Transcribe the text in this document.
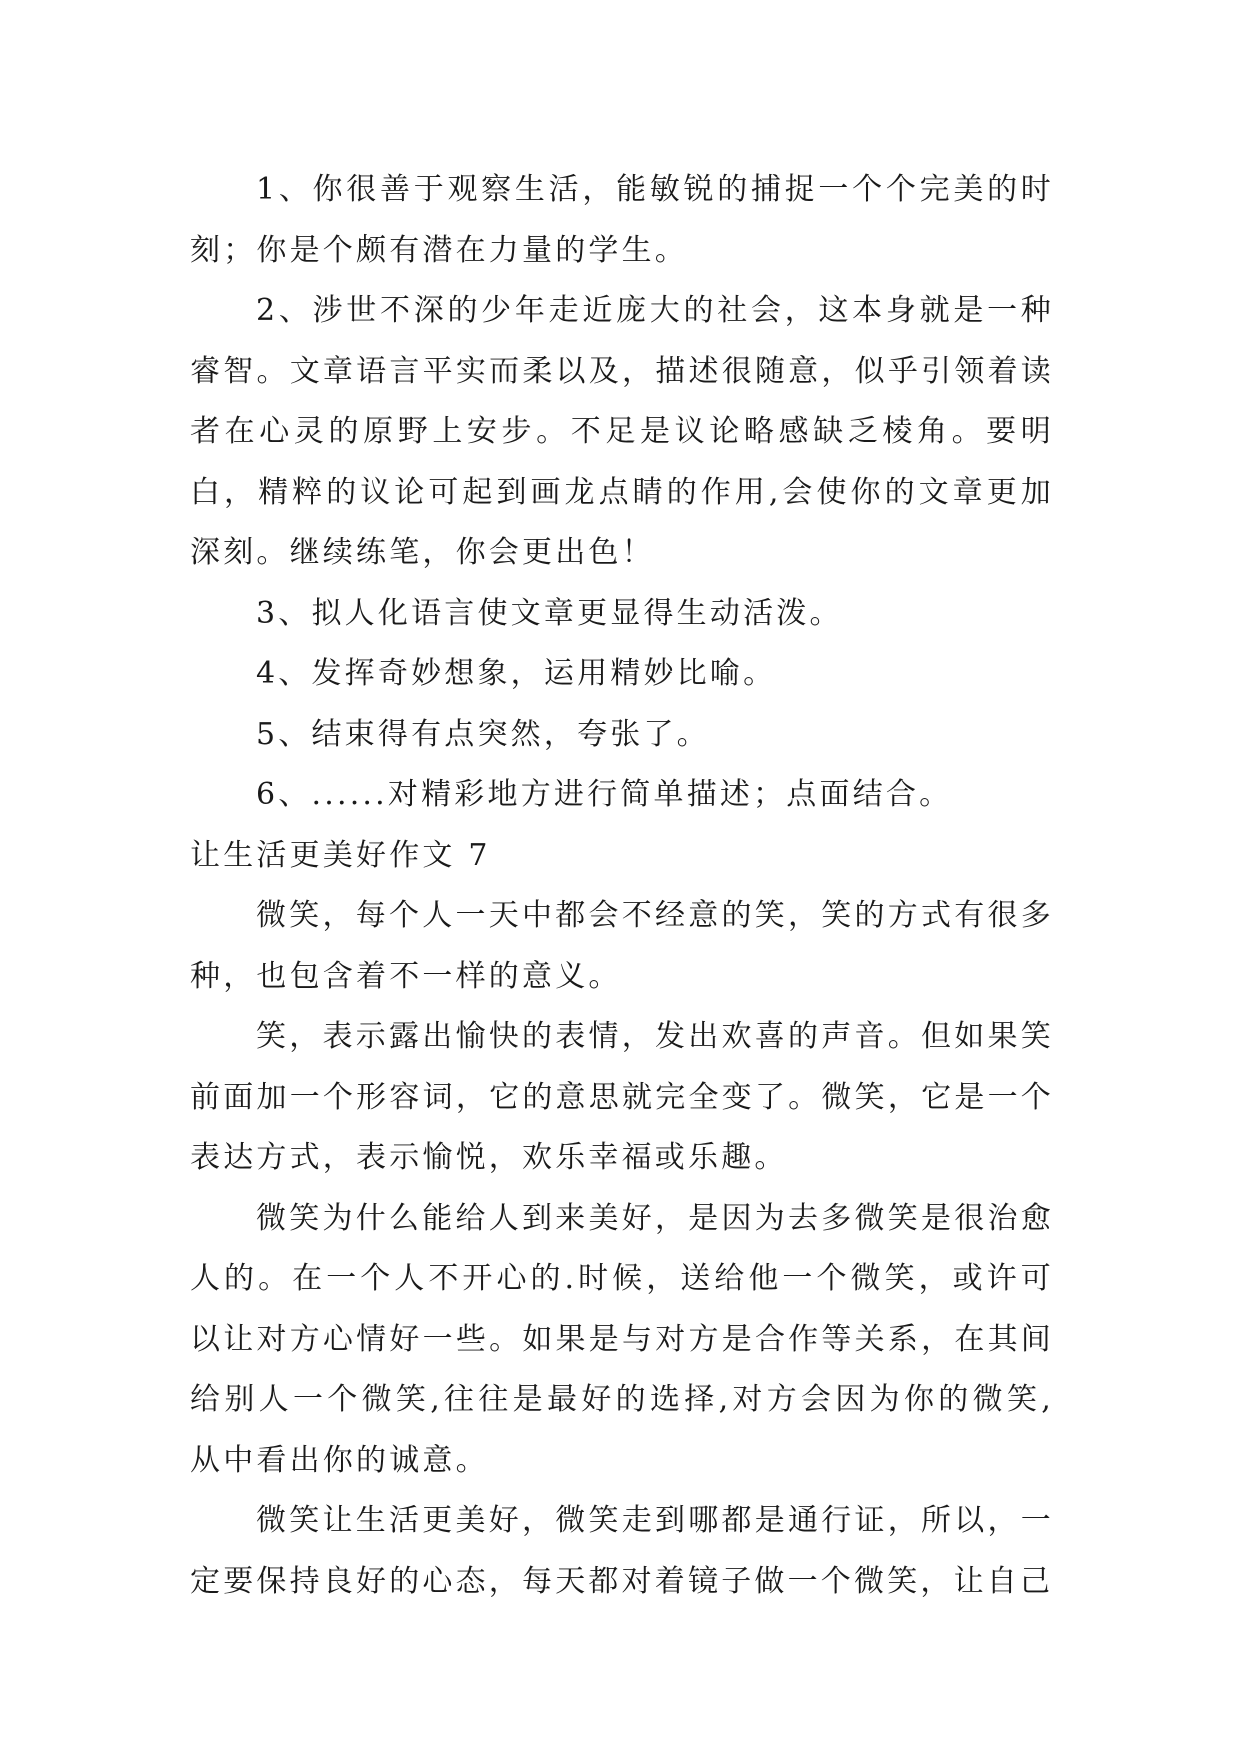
1、你很善于观察生活，能敏锐的捕捉一个个完美的时刻；你是个颇有潜在力量的学生。

2、涉世不深的少年走近庞大的社会，这本身就是一种睿智。文章语言平实而柔以及，描述很随意，似乎引领着读者在心灵的原野上安步。不足是议论略感缺乏棱角。要明白，精粹的议论可起到画龙点睛的作用,会使你的文章更加深刻。继续练笔，你会更出色！

3、拟人化语言使文章更显得生动活泼。

4、发挥奇妙想象，运用精妙比喻。

5、结束得有点突然，夸张了。

6、......对精彩地方进行简单描述；点面结合。

让生活更美好作文 7

微笑，每个人一天中都会不经意的笑，笑的方式有很多种，也包含着不一样的意义。

笑，表示露出愉快的表情，发出欢喜的声音。但如果笑前面加一个形容词，它的意思就完全变了。微笑，它是一个表达方式，表示愉悦，欢乐幸福或乐趣。

微笑为什么能给人到来美好，是因为去多微笑是很治愈人的。在一个人不开心的.时候，送给他一个微笑，或许可以让对方心情好一些。如果是与对方是合作等关系，在其间给别人一个微笑,往往是最好的选择,对方会因为你的微笑,从中看出你的诚意。

微笑让生活更美好，微笑走到哪都是通行证，所以，一定要保持良好的心态，每天都对着镜子做一个微笑，让自己
